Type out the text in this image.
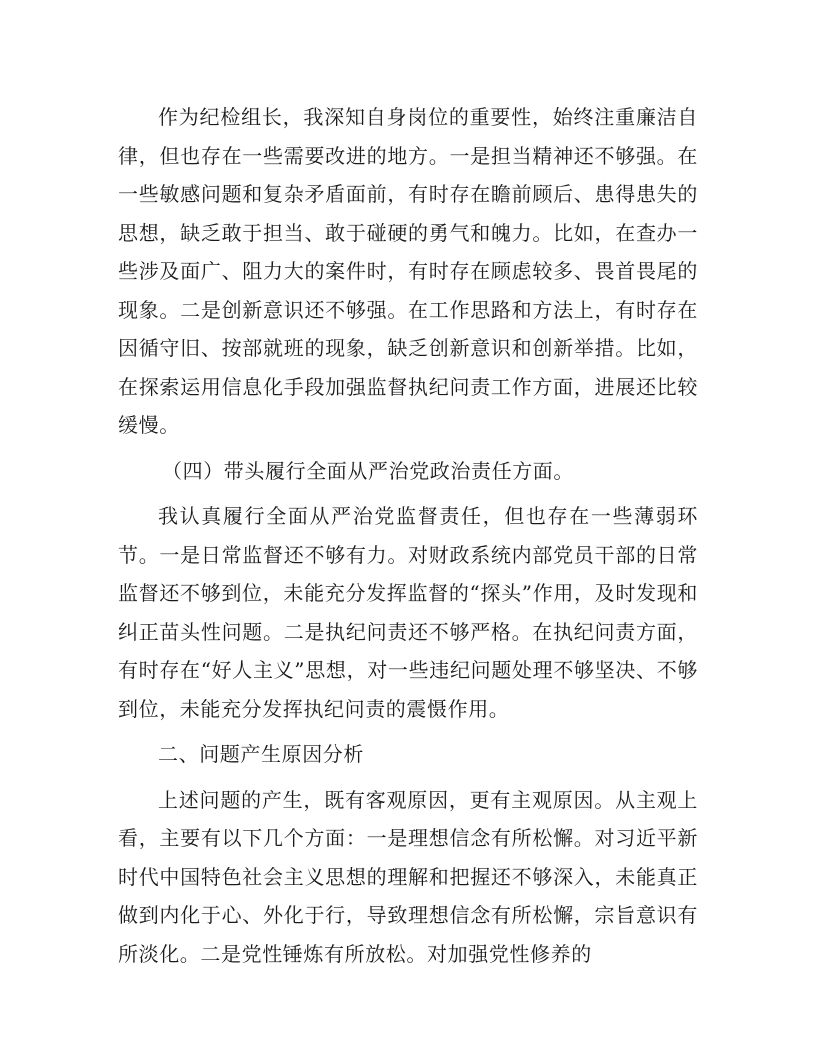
作为纪检组长，我深知自身岗位的重要性，始终注重廉洁自律，但也存在一些需要改进的地方。一是担当精神还不够强。在一些敏感问题和复杂矛盾面前，有时存在瞻前顾后、患得患失的思想，缺乏敢于担当、敢于碰硬的勇气和魄力。比如，在查办一些涉及面广、阻力大的案件时，有时存在顾虑较多、畏首畏尾的现象。二是创新意识还不够强。在工作思路和方法上，有时存在因循守旧、按部就班的现象，缺乏创新意识和创新举措。比如，在探索运用信息化手段加强监督执纪问责工作方面，进展还比较缓慢。

（四）带头履行全面从严治党政治责任方面。

我认真履行全面从严治党监督责任，但也存在一些薄弱环节。一是日常监督还不够有力。对财政系统内部党员干部的日常监督还不够到位，未能充分发挥监督的“探头”作用，及时发现和纠正苗头性问题。二是执纪问责还不够严格。在执纪问责方面，有时存在“好人主义”思想，对一些违纪问题处理不够坚决、不够到位，未能充分发挥执纪问责的震慑作用。

二、问题产生原因分析

上述问题的产生，既有客观原因，更有主观原因。从主观上看，主要有以下几个方面：一是理想信念有所松懈。对习近平新时代中国特色社会主义思想的理解和把握还不够深入，未能真正做到内化于心、外化于行，导致理想信念有所松懈，宗旨意识有所淡化。二是党性锤炼有所放松。对加强党性修养的
